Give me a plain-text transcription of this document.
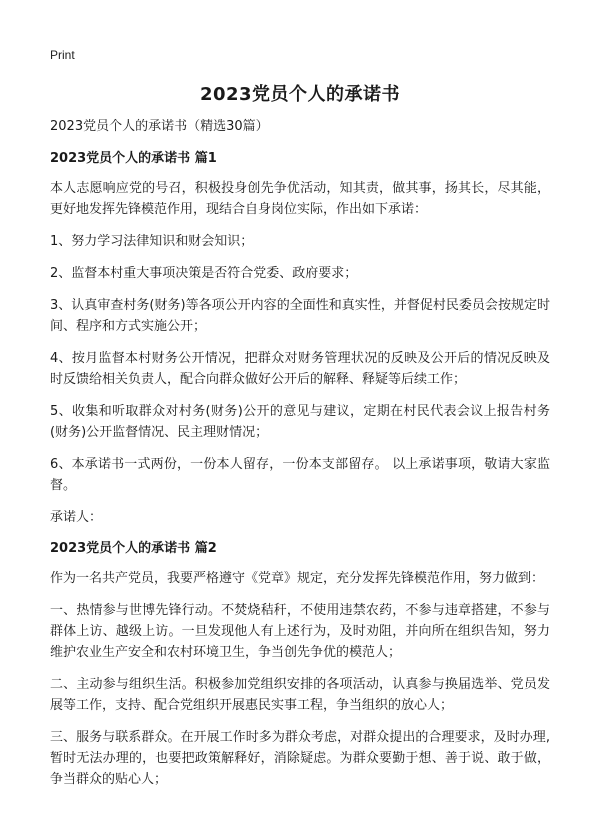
Print
2023党员个人的承诺书

2023党员个人的承诺书（精选30篇）

2023党员个人的承诺书 篇1

本人志愿响应党的号召，积极投身创先争优活动，知其责，做其事，扬其长，尽其能，更好地发挥先锋模范作用，现结合自身岗位实际，作出如下承诺：

1、努力学习法律知识和财会知识；

2、监督本村重大事项决策是否符合党委、政府要求；

3、认真审查村务(财务)等各项公开内容的全面性和真实性，并督促村民委员会按规定时间、程序和方式实施公开；

4、按月监督本村财务公开情况，把群众对财务管理状况的反映及公开后的情况反映及时反馈给相关负责人，配合向群众做好公开后的解释、释疑等后续工作；

5、收集和听取群众对村务(财务)公开的意见与建议，定期在村民代表会议上报告村务(财务)公开监督情况、民主理财情况；

6、本承诺书一式两份，一份本人留存，一份本支部留存。 以上承诺事项，敬请大家监督。

承诺人：

2023党员个人的承诺书 篇2

作为一名共产党员，我要严格遵守《党章》规定，充分发挥先锋模范作用，努力做到：

一、热情参与世博先锋行动。不焚烧秸秆，不使用违禁农药，不参与违章搭建，不参与群体上访、越级上访。一旦发现他人有上述行为，及时劝阻，并向所在组织告知，努力维护农业生产安全和农村环境卫生，争当创先争优的模范人；

二、主动参与组织生活。积极参加党组织安排的各项活动，认真参与换届选举、党员发展等工作，支持、配合党组织开展惠民实事工程，争当组织的放心人；

三、服务与联系群众。在开展工作时多为群众考虑，对群众提出的合理要求，及时办理,暂时无法办理的，也要把政策解释好，消除疑虑。为群众要勤于想、善于说、敢于做，争当群众的贴心人；
